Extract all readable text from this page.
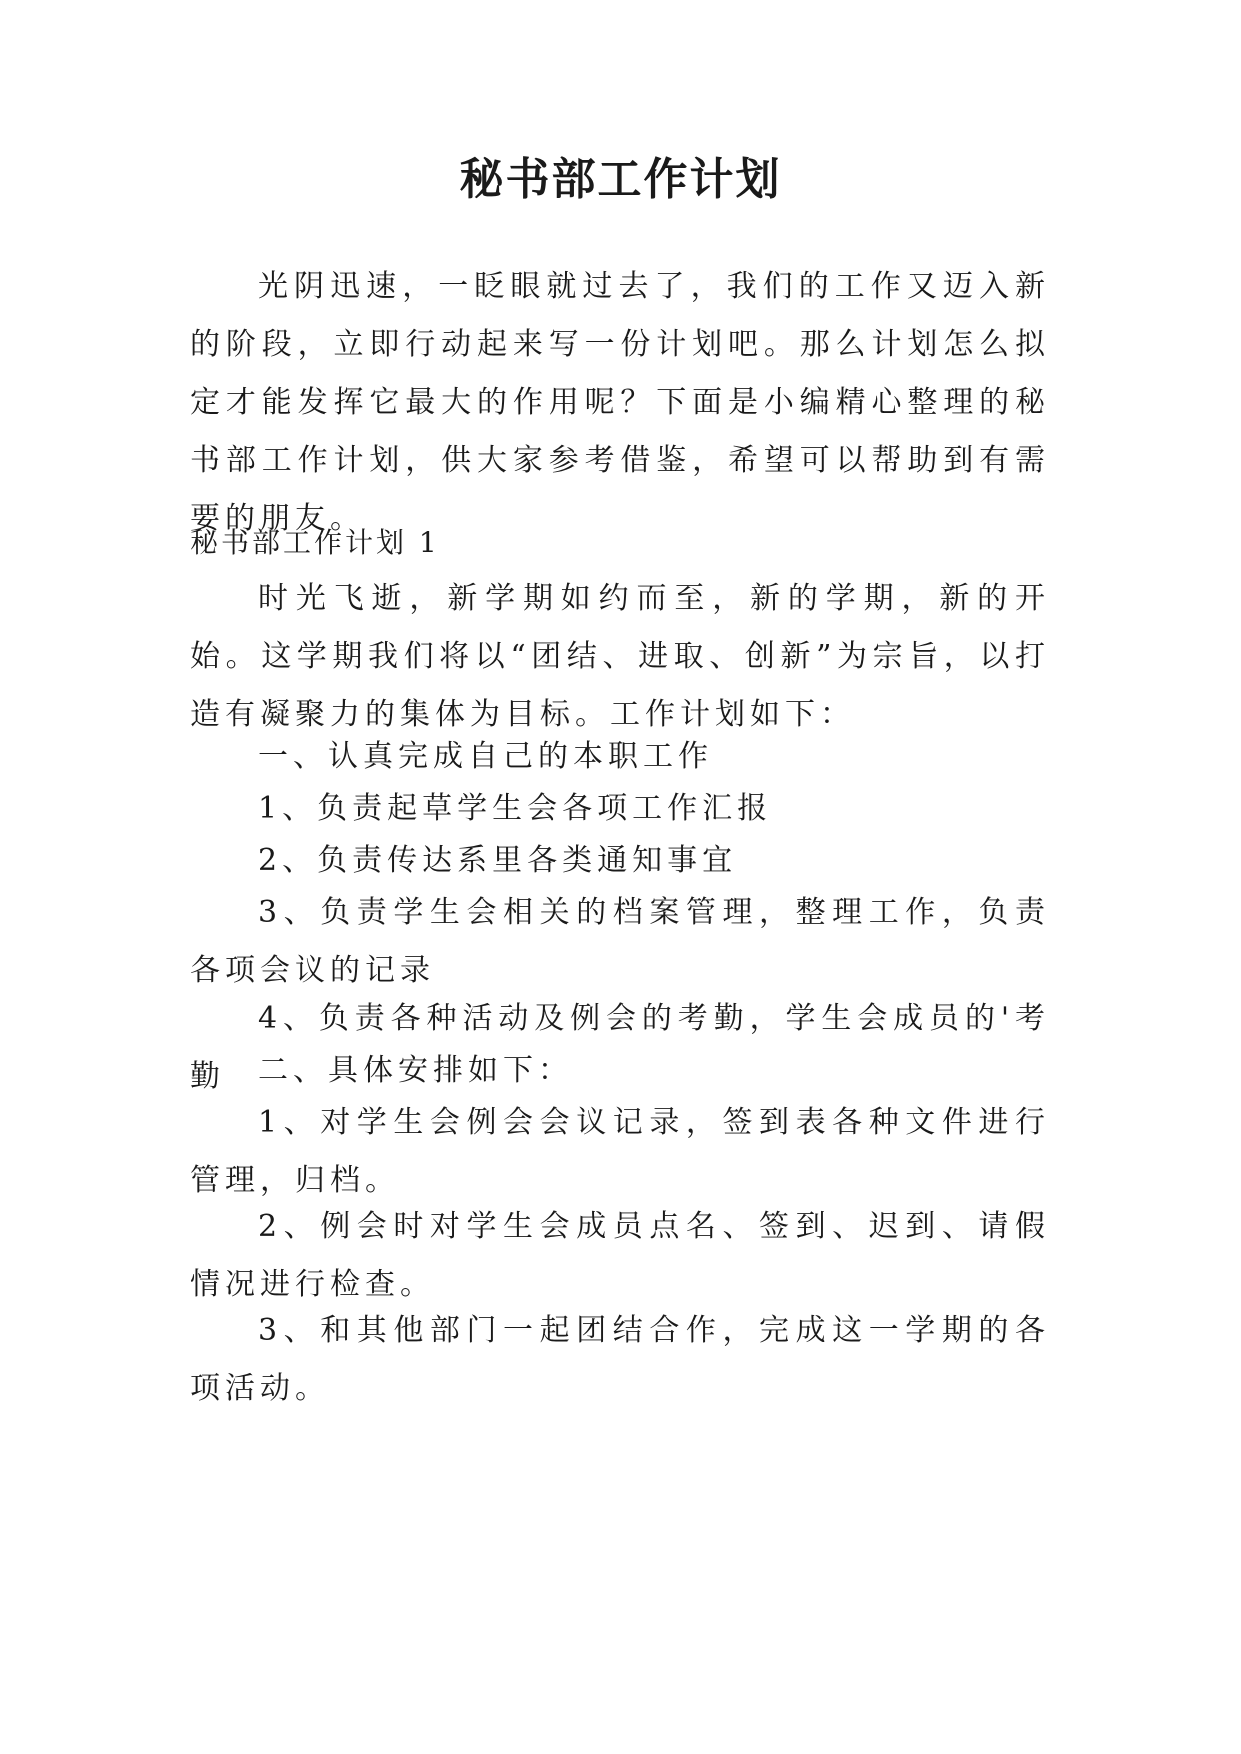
秘书部工作计划

光阴迅速，一眨眼就过去了，我们的工作又迈入新的阶段，立即行动起来写一份计划吧。那么计划怎么拟定才能发挥它最大的作用呢？下面是小编精心整理的秘书部工作计划，供大家参考借鉴，希望可以帮助到有需要的朋友。

秘书部工作计划 1

时光飞逝，新学期如约而至，新的学期，新的开始。这学期我们将以“团结、进取、创新”为宗旨，以打造有凝聚力的集体为目标。工作计划如下：

一、认真完成自己的本职工作

1、负责起草学生会各项工作汇报

2、负责传达系里各类通知事宜

3、负责学生会相关的档案管理，整理工作，负责各项会议的记录

4、负责各种活动及例会的考勤，学生会成员的'考勤	二、具体安排如下：

1、对学生会例会会议记录，签到表各种文件进行管理，归档。

2、例会时对学生会成员点名、签到、迟到、请假情况进行检查。

3、和其他部门一起团结合作，完成这一学期的各项活动。
